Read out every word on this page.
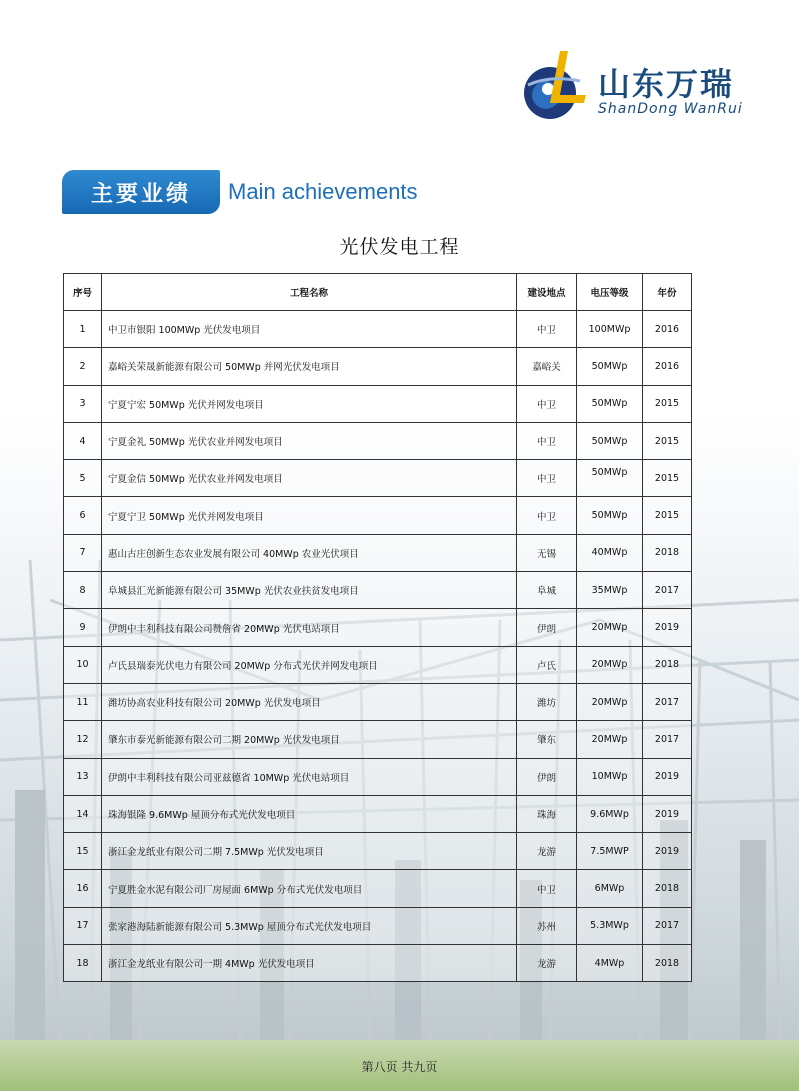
山东万瑞
ShanDong WanRui
主要业绩	Main achievements
光伏发电工程
序号	工程名称	建设地点	电压等级	年份
1	中卫市银阳 100MWp 光伏发电项目	中卫	100MWp	2016
2	嘉峪关荣晟新能源有限公司 50MWp 并网光伏发电项目	嘉峪关	50MWp	2016
3	宁夏宁宏 50MWp 光伏并网发电项目	中卫	50MWp	2015
4	宁夏金礼 50MWp 光伏农业并网发电项目	中卫	50MWp	2015
5	宁夏金信 50MWp 光伏农业并网发电项目	中卫	50MWp	2015
6	宁夏宁卫 50MWp 光伏并网发电项目	中卫	50MWp	2015
7	惠山古庄创新生态农业发展有限公司 40MWp 农业光伏项目	无锡	40MWp	2018
8	阜城县汇光新能源有限公司 35MWp 光伏农业扶贫发电项目	阜城	35MWp	2017
9	伊朗中丰利科技有限公司赞詹省 20MWp 光伏电站项目	伊朗	20MWp	2019
10	卢氏县瑞泰光伏电力有限公司 20MWp 分布式光伏并网发电项目	卢氏	20MWp	2018
11	潍坊协高农业科技有限公司 20MWp 光伏发电项目	潍坊	20MWp	2017
12	肇东市泰光新能源有限公司二期 20MWp 光伏发电项目	肇东	20MWp	2017
13	伊朗中丰利科技有限公司亚兹德省 10MWp 光伏电站项目	伊朗	10MWp	2019
14	珠海银隆 9.6MWp 屋顶分布式光伏发电项目	珠海	9.6MWp	2019
15	浙江金龙纸业有限公司二期 7.5MWp 光伏发电项目	龙游	7.5MWP	2019
16	宁夏胜金水泥有限公司厂房屋面 6MWp 分布式光伏发电项目	中卫	6MWp	2018
17	张家港海陆新能源有限公司 5.3MWp 屋顶分布式光伏发电项目	苏州	5.3MWp	2017
18	浙江金龙纸业有限公司一期 4MWp 光伏发电项目	龙游	4MWp	2018
第八页 共九页
